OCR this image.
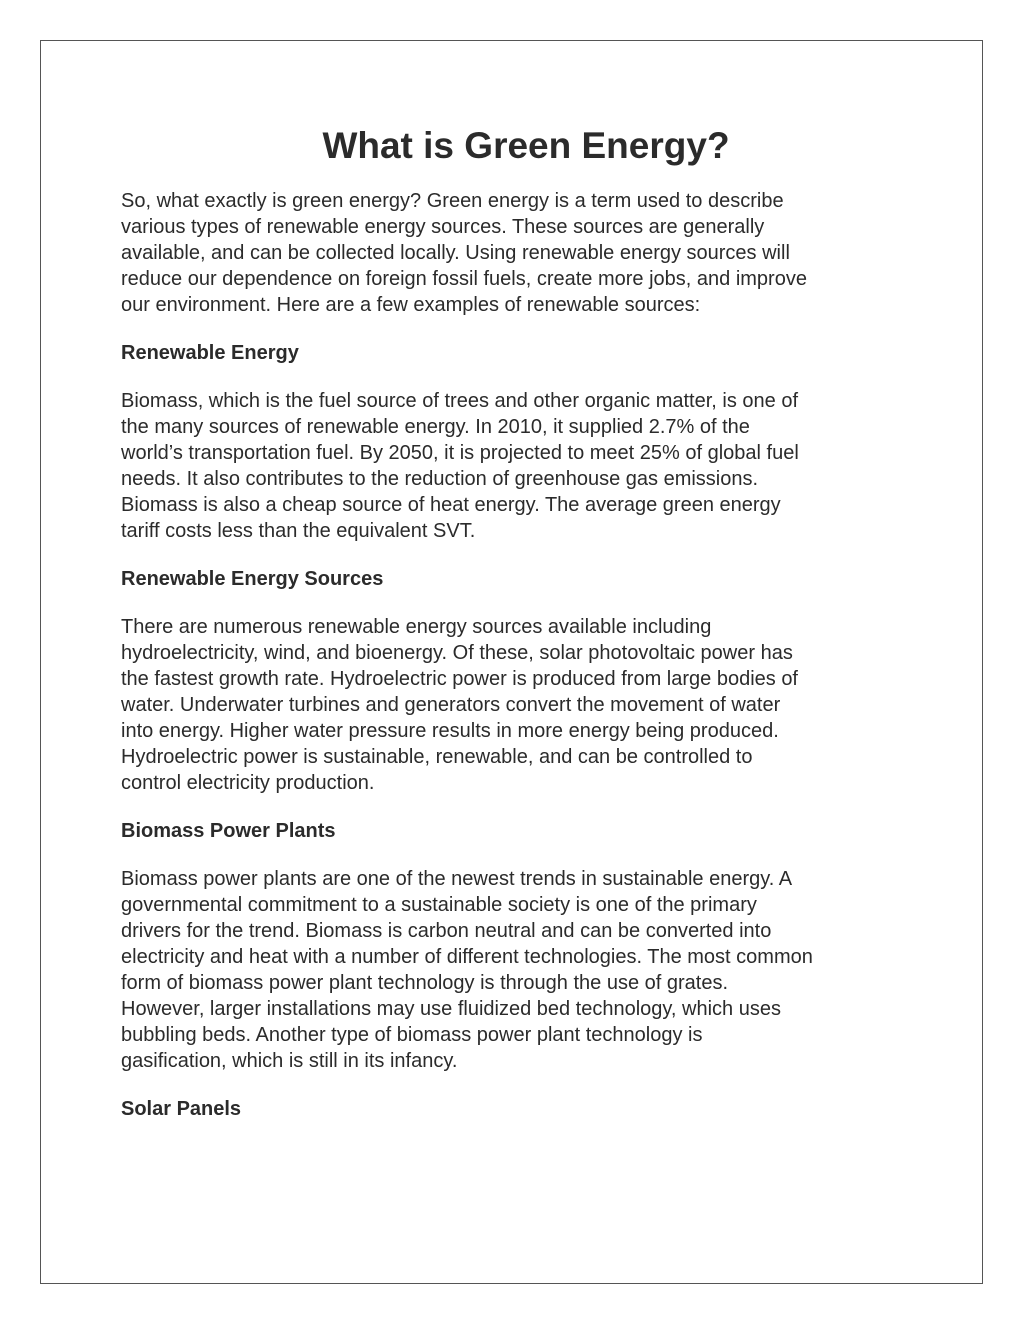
What is Green Energy?

So, what exactly is green energy? Green energy is a term used to describe
various types of renewable energy sources. These sources are generally
available, and can be collected locally. Using renewable energy sources will
reduce our dependence on foreign fossil fuels, create more jobs, and improve
our environment. Here are a few examples of renewable sources:

Renewable Energy

Biomass, which is the fuel source of trees and other organic matter, is one of
the many sources of renewable energy. In 2010, it supplied 2.7% of the
world’s transportation fuel. By 2050, it is projected to meet 25% of global fuel
needs. It also contributes to the reduction of greenhouse gas emissions.
Biomass is also a cheap source of heat energy. The average green energy
tariff costs less than the equivalent SVT.

Renewable Energy Sources

There are numerous renewable energy sources available including
hydroelectricity, wind, and bioenergy. Of these, solar photovoltaic power has
the fastest growth rate. Hydroelectric power is produced from large bodies of
water. Underwater turbines and generators convert the movement of water
into energy. Higher water pressure results in more energy being produced.
Hydroelectric power is sustainable, renewable, and can be controlled to
control electricity production.

Biomass Power Plants

Biomass power plants are one of the newest trends in sustainable energy. A
governmental commitment to a sustainable society is one of the primary
drivers for the trend. Biomass is carbon neutral and can be converted into
electricity and heat with a number of different technologies. The most common
form of biomass power plant technology is through the use of grates.
However, larger installations may use fluidized bed technology, which uses
bubbling beds. Another type of biomass power plant technology is
gasification, which is still in its infancy.

Solar Panels
